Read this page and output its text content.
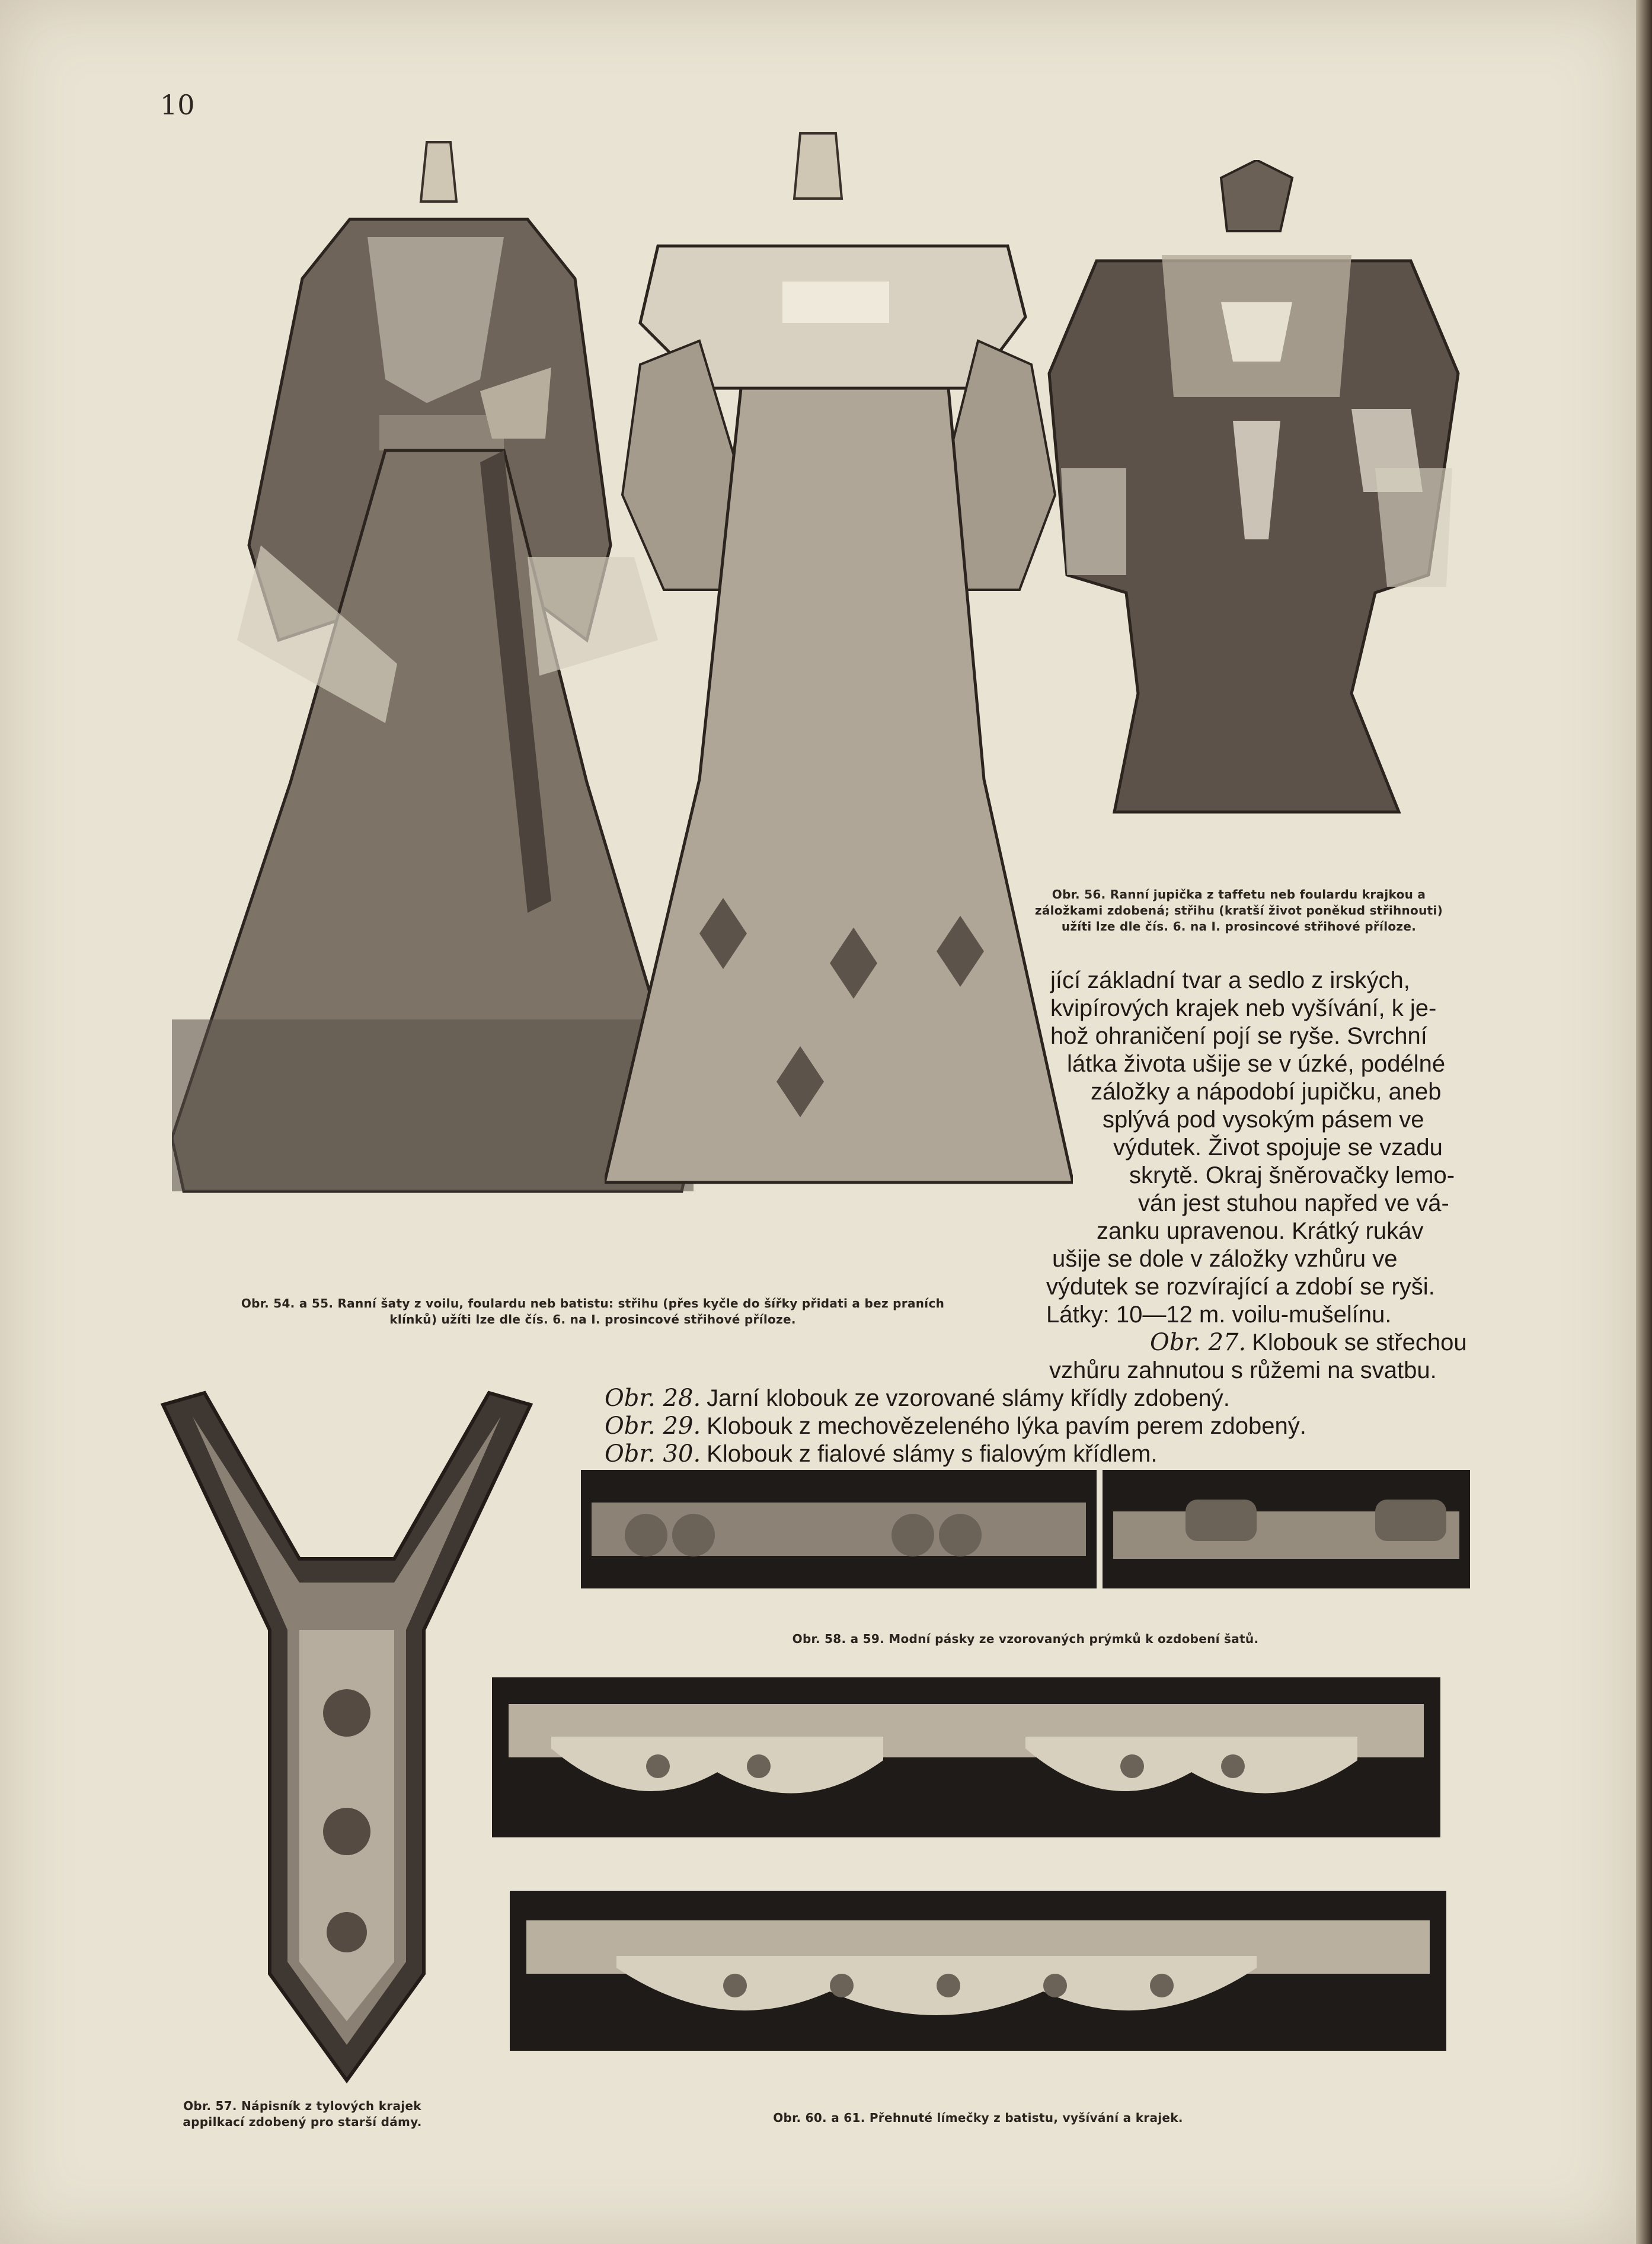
10
Obr. 56. Ranní jupička z taffetu neb foulardu krajkou a
záložkami zdobená; střihu (kratší život poněkud střihnouti)
užíti lze dle čís. 6. na I. prosincové střihové příloze.
Obr. 54. a 55. Ranní šaty z voilu, foulardu neb batistu: střihu (přes kyčle do šířky přidati a bez praních
klínků) užíti lze dle čís. 6. na I. prosincové střihové příloze.
jící základní tvar a sedlo z irských,
kvipírových krajek neb vyšívání, k je-
hož ohraničení pojí se ryše. Svrchní
látka života ušije se v úzké, podélné
záložky a nápodobí jupičku, aneb
splývá pod vysokým pásem ve
výdutek. Život spojuje se vzadu
skrytě. Okraj šněrovačky lemo-
ván jest stuhou napřed ve vá-
zanku upravenou. Krátký rukáv
ušije se dole v záložky vzhůru ve
výdutek se rozvírající a zdobí se ryši.
Látky: 10—12 m. voilu-mušelínu.
Obr. 27. Klobouk se střechou
vzhůru zahnutou s růžemi na svatbu.
Obr. 28. Jarní klobouk ze vzorované slámy křídly zdobený.
Obr. 29. Klobouk z mechovězeleného lýka pavím perem zdobený.
Obr. 30. Klobouk z fialové slámy s fialovým křídlem.
Obr. 57. Nápisník z tylových krajek
appilkací zdobený pro starší dámy.
Obr. 58. a 59. Modní pásky ze vzorovaných prýmků k ozdobení šatů.
Obr. 60. a 61. Přehnuté límečky z batistu, vyšívání a krajek.
